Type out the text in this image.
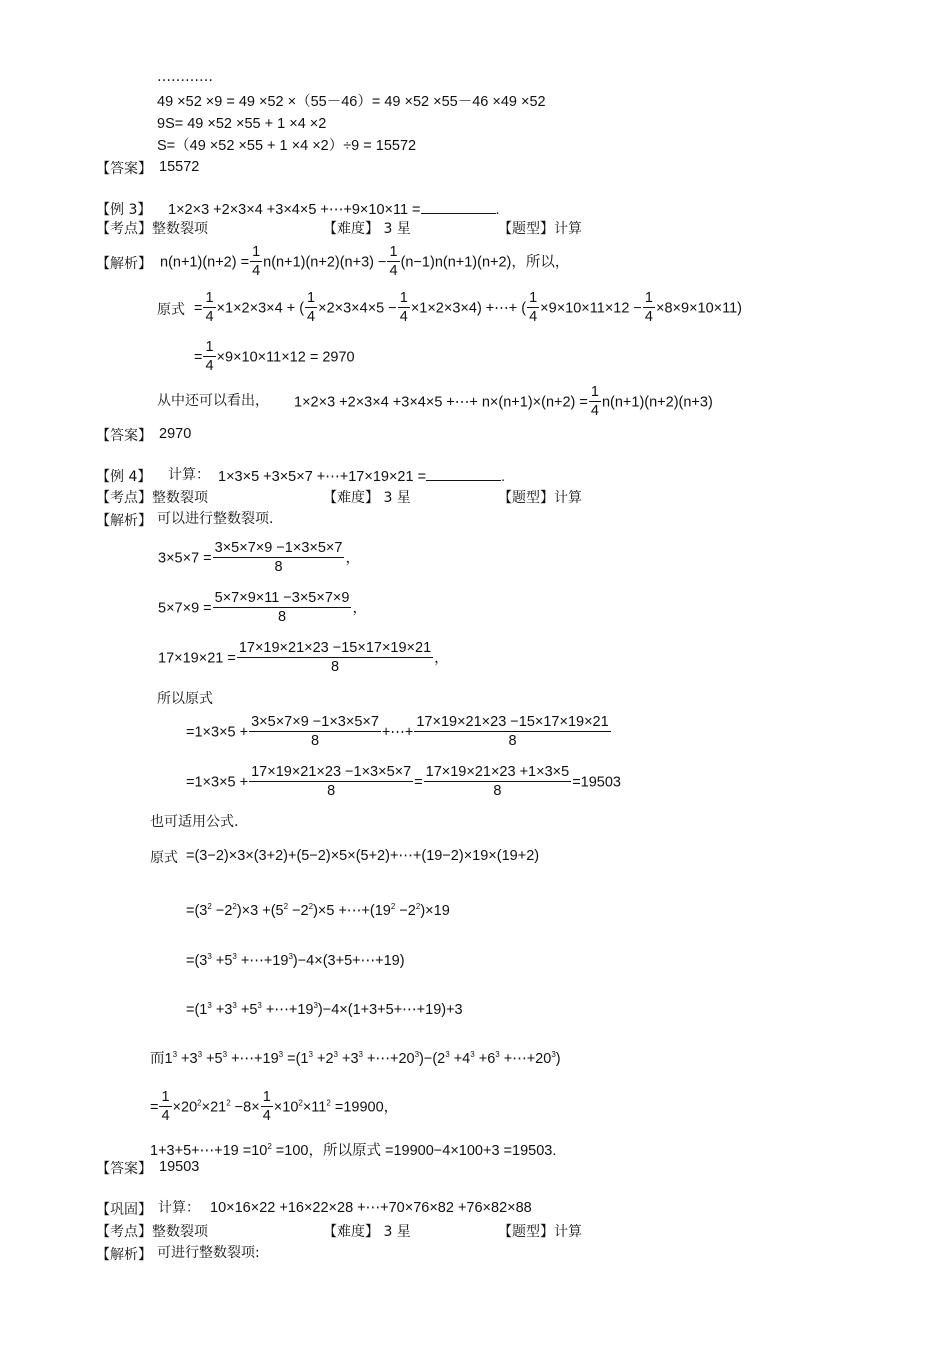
…………
49 ×52 ×9 = 49 ×52 ×（55－46）= 49 ×52 ×55－46 ×49 ×52
9S= 49 ×52 ×55 + 1 ×4 ×2
S=（49 ×52 ×55 + 1 ×4 ×2）÷9 = 15572
【答案】 15572
【例 3】 1×2×3 +2×3×4 +3×4×5 +⋯+9×10×11 =	.
【考点】整数裂项	【难度】 3 星	【题型】计算
【解析】 $n(n+1)(n+2) = \frac{1}{4} n(n+1)(n+2)(n+3) - \frac{1}{4} (n-1)n(n+1)(n+2)$，所以，
原式 = $\frac{1}{4} \times 1\times 2\times 3\times 4$ + ( $\frac{1}{4} \times 2\times 3\times 4\times 5 - \frac{1}{4} \times 1\times 2\times 3\times 4$) +⋯+ ( $\frac{1}{4} \times 9\times 10\times 11\times 12 - \frac{1}{4} \times 8\times 9\times 10\times 11$)
= $\frac{1}{4} \times 9\times 10\times 11\times 12 = 2970$
从中还可以看出， 1×2×3 +2×3×4 +3×4×5 +⋯+ $n\times(n+1)\times(n+2) = \frac{1}{4} n(n+1)(n+2)(n+3)$
【答案】 2970
【例 4】 计算： 1×3×5 +3×5×7 +⋯+17×19×21 =	.
【考点】整数裂项	【难度】 3 星	【题型】计算
【解析】 可以进行整数裂项.
$3\times 5\times 7 = \frac{3\times 5\times 7\times 9 -1\times 3\times 5\times 7}{8}$ ，
$5\times 7\times 9 = \frac{5\times 7\times 9\times 11 -3\times 5\times 7\times 9}{8}$ ，
$17\times 19\times 21 = \frac{17\times 19\times 21\times 23 -15\times 17\times 19\times 21}{8}$ ，
所以原式
$=1\times 3\times 5 + \frac{3\times 5\times 7\times 9 -1\times 3\times 5\times 7}{8}$ +⋯+ $\frac{17\times 19\times 21\times 23 -15\times 17\times 19\times 21}{8}$
$=1\times 3\times 5 + \frac{17\times 19\times 21\times 23 -1\times 3\times 5\times 7}{8} = \frac{17\times 19\times 21\times 23 +1\times 3\times 5}{8} =19503$
也可适用公式.
原式 =(3−2)×3×(3+2)+(5−2)×5×(5+2)+⋯+(19−2)×19×(19+2)
$=(3^2 -2^2)\times 3 +(5^2 -2^2)\times 5$ $+\cdots+(19^2 -2^2)\times 19$
$=(3^3 +5^3$ $+\cdots+19^3)-4\times(3+5+\cdots+19)$
$=(1^3 +3^3 +5^3$ $+\cdots+19^3)-4\times(1+3+5+\cdots+19)+3$
而$1^3 +3^3 +5^3$ $+\cdots+19^3 =(1^3 +2^3 +3^3$ $+\cdots+20^3)-(2^3 +4^3 +6^3$ $+\cdots+20^3$)
= $\frac{1}{4} \times 20^2\times 21^2 -8\times \frac{1}{4} \times 10^2\times 11^2 =19900$，
1+3+5+⋯+19 $=10^2 =100$，所以原式 =19900−4×100+3 =19503.
【答案】 19503
【巩固】 计算： 10×16×22 +16×22×28 +⋯+70×76×82 +76×82×88
【考点】整数裂项	【难度】 3 星	【题型】计算
【解析】 可进行整数裂项:
